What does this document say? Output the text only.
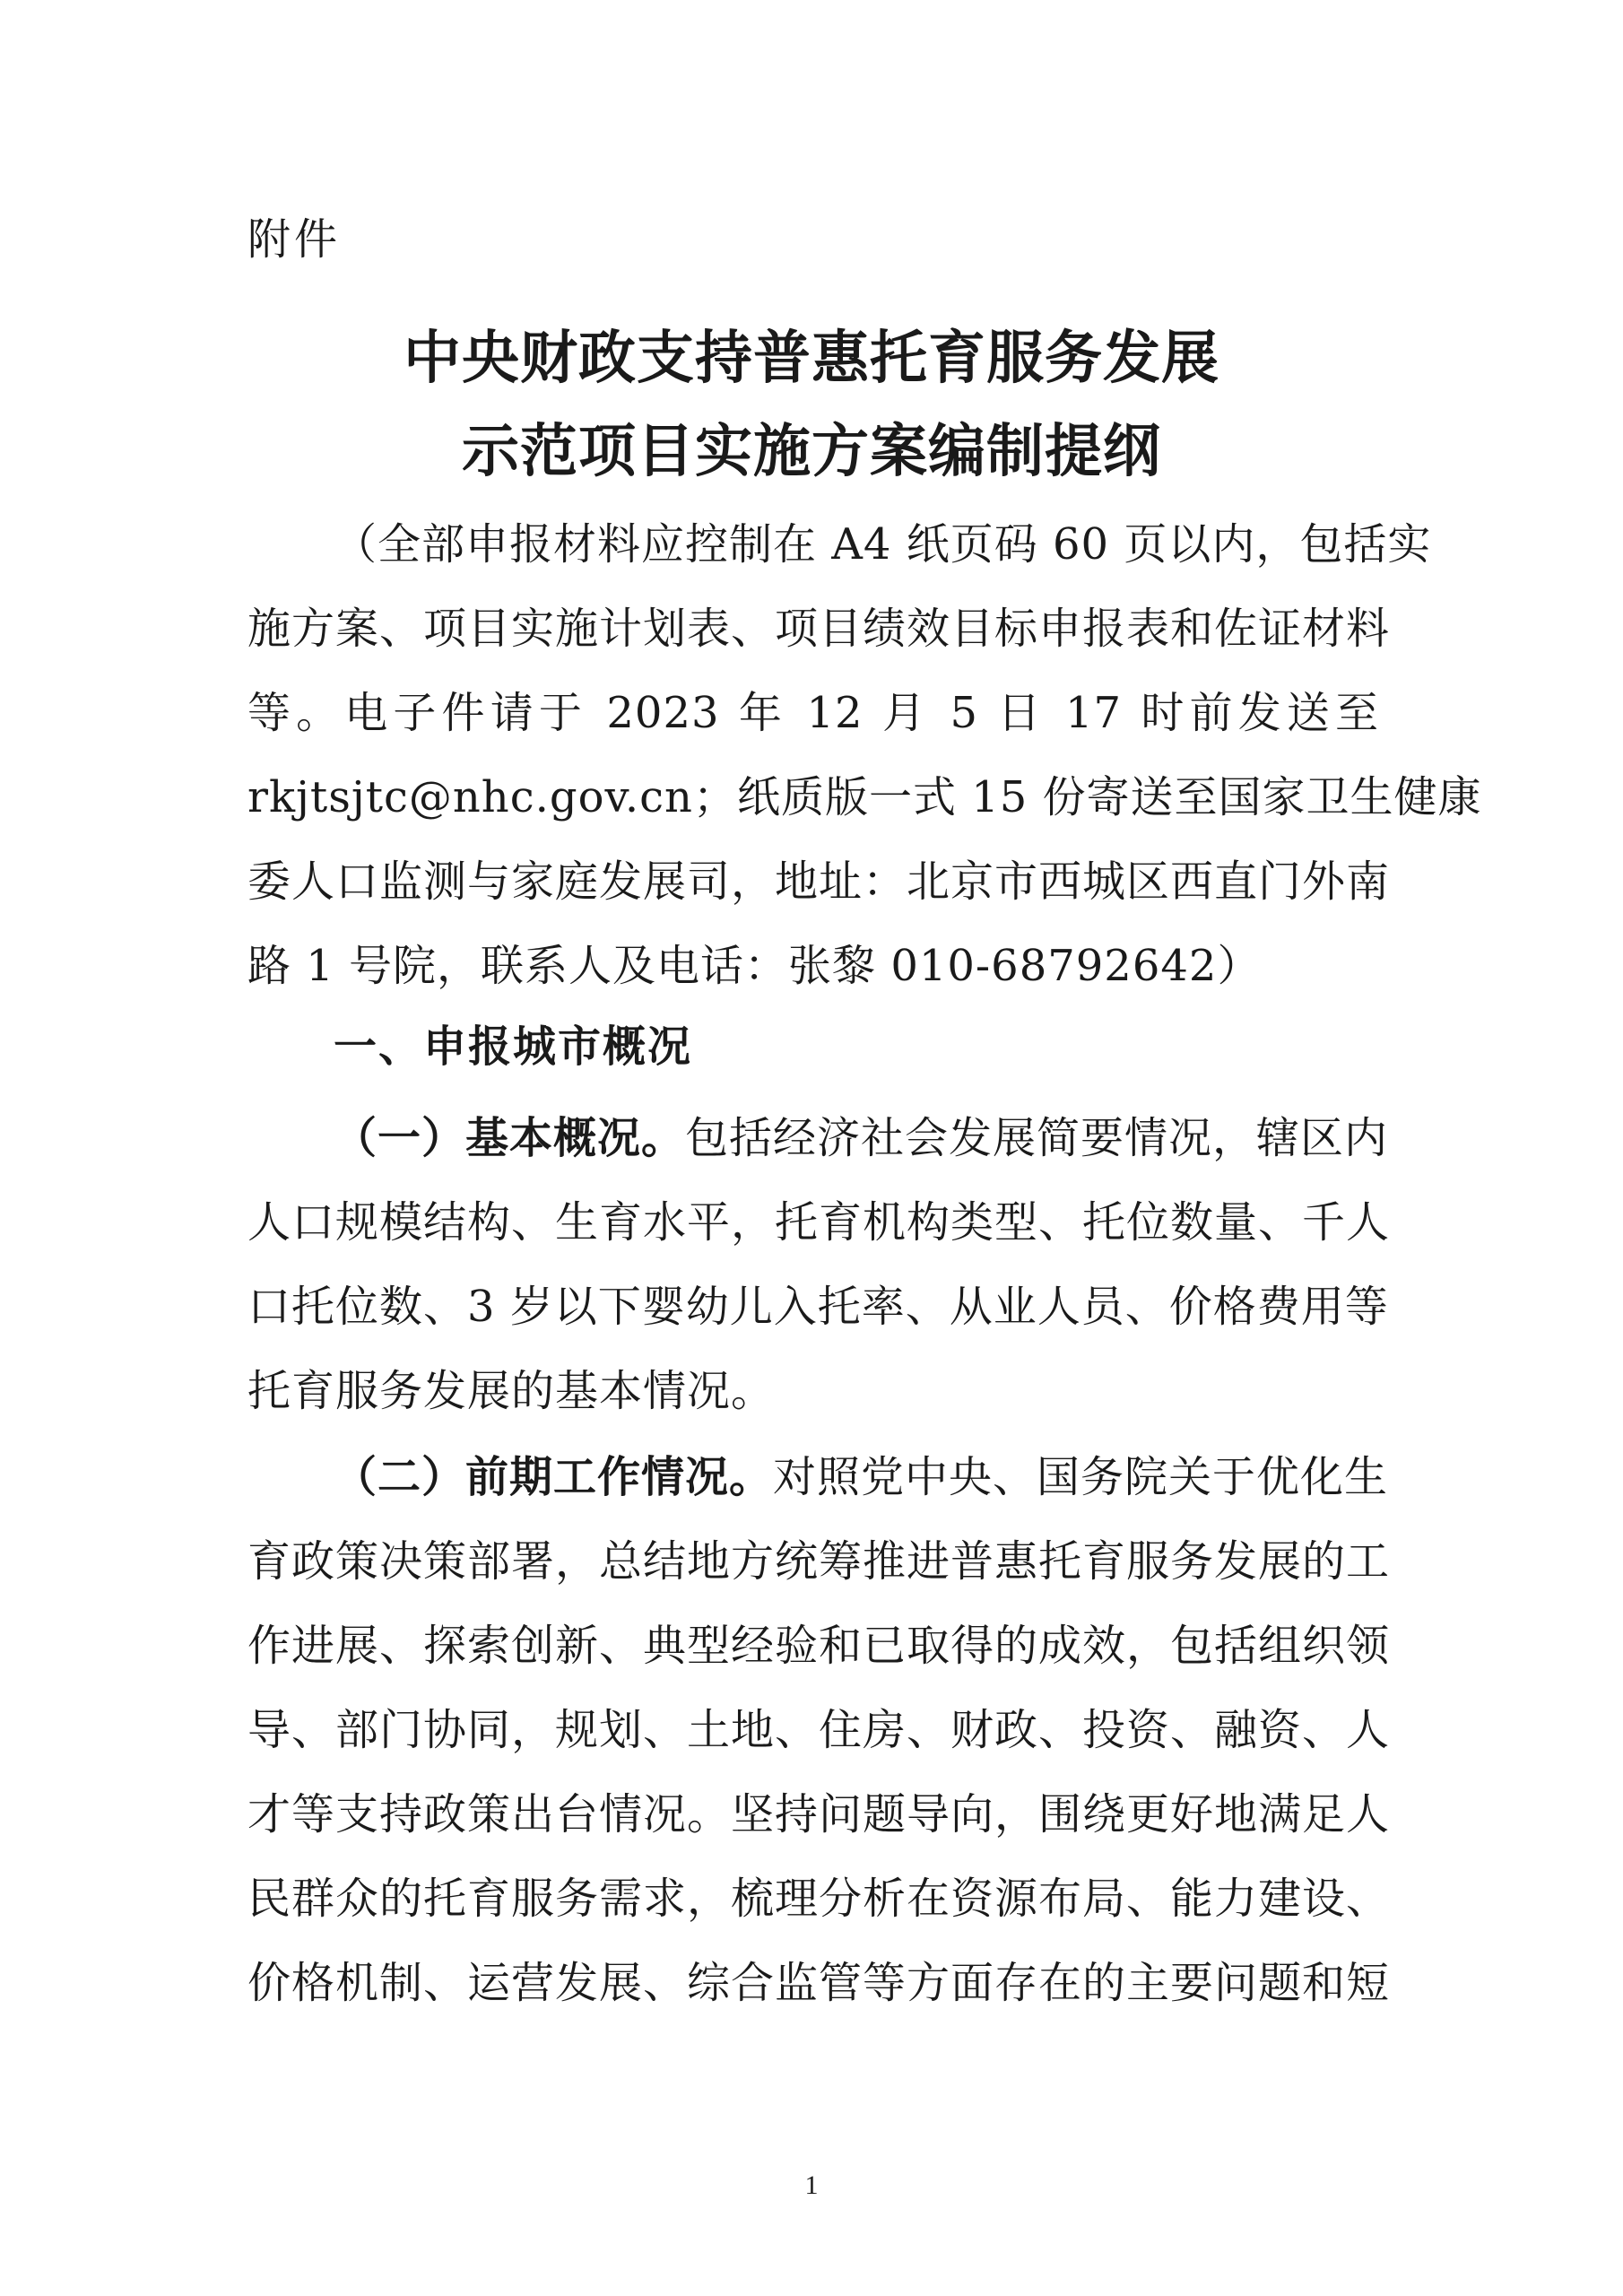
附件
中央财政支持普惠托育服务发展
示范项目实施方案编制提纲
（全部申报材料应控制在 A4 纸页码 60 页以内，包括实
施方案、项目实施计划表、项目绩效目标申报表和佐证材料
等。电子件请于 2023 年 12 月 5 日 17 时前发送至
rkjtsjtc@nhc.gov.cn；纸质版一式 15 份寄送至国家卫生健康
委人口监测与家庭发展司，地址：北京市西城区西直门外南
路 1 号院，联系人及电话：张黎 010-68792642）
一、申报城市概况
（一）基本概况。包括经济社会发展简要情况，辖区内
人口规模结构、生育水平，托育机构类型、托位数量、千人
口托位数、3 岁以下婴幼儿入托率、从业人员、价格费用等
托育服务发展的基本情况。
（二）前期工作情况。对照党中央、国务院关于优化生
育政策决策部署，总结地方统筹推进普惠托育服务发展的工
作进展、探索创新、典型经验和已取得的成效，包括组织领
导、部门协同，规划、土地、住房、财政、投资、融资、人
才等支持政策出台情况。坚持问题导向，围绕更好地满足人
民群众的托育服务需求，梳理分析在资源布局、能力建设、
价格机制、运营发展、综合监管等方面存在的主要问题和短
1
